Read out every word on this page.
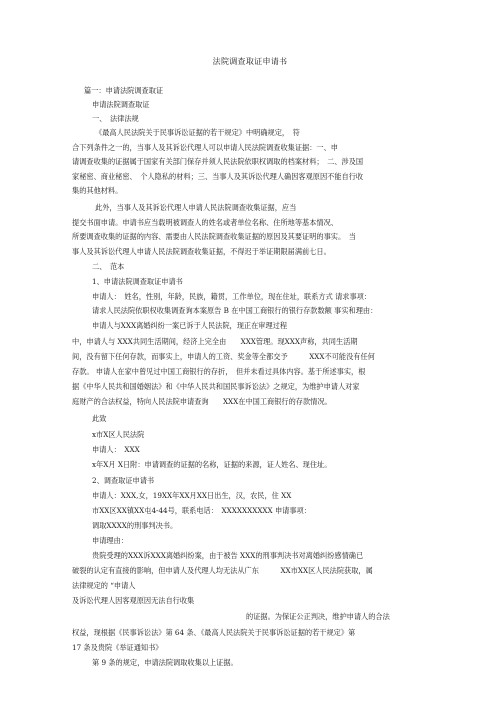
法院调查取证申请书
篇一：申请法院调查取证
申请法院调查取证
一、　法律法规
《最高人民法院关于民事诉讼证据的若干规定》中明确规定，　符
合下列条件之一的，当事人及其诉讼代理人可以申请人民法院调查收集证据：一、申
请调查收集的证据属于国家有关部门保存并须人民法院依职权调取的档案材料；　二、涉及国
家秘密、商业秘密、　个人隐私的材料；三、当事人及其诉讼代理人确因客观原因不能自行收
集的其他材料。
此外，当事人及其诉讼代理人申请人民法院调查收集证据，应当
提交书面申请。申请书应当载明被调查人的姓名或者单位名称、住所地等基本情况、
所要调查收集的证据的内容、需要由人民法院调查收集证据的原因及其要证明的事实。　当
事人及其诉讼代理人申请人民法院调查收集证据，不得迟于举证期限届满前七日。
二、　范本
1、申请法院调查取证申请书
申请人：　姓名，性别，年龄，民族，籍贯，工作单位，现在住址，联系方式 请求事项：
请求人民法院依职权收集调查询本案原告 B 在中国工商银行的银行存款数额 事实和理由：
申请人与XXX离婚纠纷一案已诉于人民法院，现正在审理过程
中，申请人与 XXX共同生活期间，经济上完全由　　XXX管理。现XXX声称，共同生活期
间，没有留下任何存款，而事实上，申请人的工资、奖金等全都交予　　　XXX不可能没有任何
存款。 申请人在家中曾见过中国工商银行的存折，　但并未看过具体内容。基于所述事实，根
据《中华人民共和国婚姻法》和《中华人民共和国民事诉讼法》之规定，为维护申请人对家
庭财产的合法权益，特向人民法院申请查询　　XXX在中国工商银行的存款情况。
此致
x市X区人民法院
申请人：　XXX
x年X月 X日附：申请调查的证据的名称，证据的来源，证人姓名、现住址。
2、调查取证申请书
申请人：XXX,女，19XX年XX月XX日出生，汉，农民，住 XX
市XX区XX镇XX屯4-44号，联系电话：　XXXXXXXXXX 申请事项：
调取XXXX的刑事判决书。
申请理由：
贵院受理的XXX诉XXX离婚纠纷案，由于被告 XXX的刑事判决书对离婚纠纷感情确已
破裂的认定有直接的影响，但申请人及代理人均无法从广东　　　XX市XX区人民法院获取，属
法律规定的 “申请人
及诉讼代理人因客观原因无法自行收集
的证据。为保证公正判决，维护申请人的合法
权益，现根据《民事诉讼法》第 64 条、《最高人民法院关于民事诉讼证据的若干规定》第
17 条及贵院《举证通知书》
第 9 条的规定，申请法院调取收集以上证据。
